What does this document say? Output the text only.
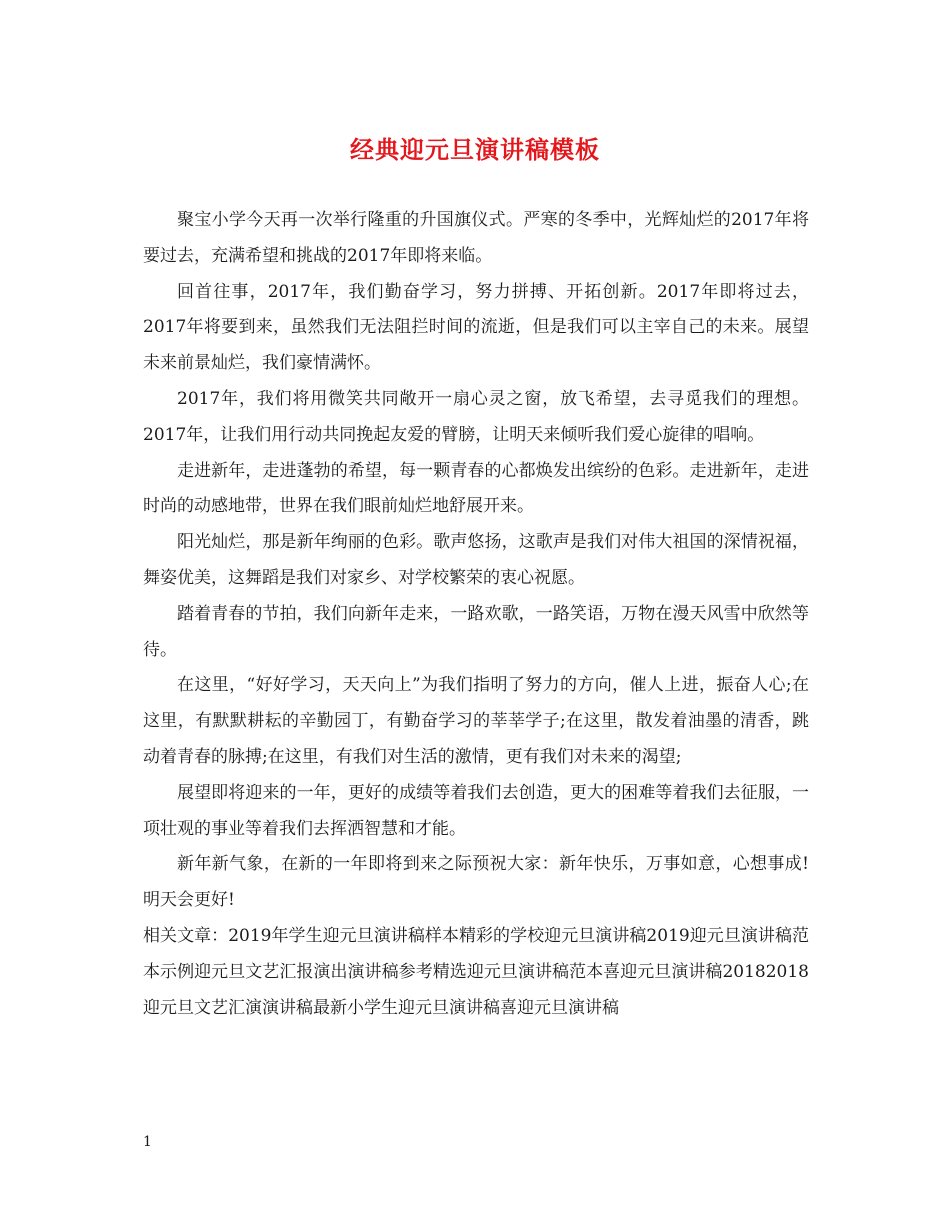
经典迎元旦演讲稿模板

聚宝小学今天再一次举行隆重的升国旗仪式。严寒的冬季中，光辉灿烂的2017年将要过去，充满希望和挑战的2017年即将来临。

回首往事，2017年，我们勤奋学习，努力拼搏、开拓创新。2017年即将过去，2017年将要到来，虽然我们无法阻拦时间的流逝，但是我们可以主宰自己的未来。展望未来前景灿烂，我们豪情满怀。

2017年，我们将用微笑共同敞开一扇心灵之窗，放飞希望，去寻觅我们的理想。2017年，让我们用行动共同挽起友爱的臂膀，让明天来倾听我们爱心旋律的唱响。

走进新年，走进蓬勃的希望，每一颗青春的心都焕发出缤纷的色彩。走进新年，走进时尚的动感地带，世界在我们眼前灿烂地舒展开来。

阳光灿烂，那是新年绚丽的色彩。歌声悠扬，这歌声是我们对伟大祖国的深情祝福，舞姿优美，这舞蹈是我们对家乡、对学校繁荣的衷心祝愿。

踏着青春的节拍，我们向新年走来，一路欢歌，一路笑语，万物在漫天风雪中欣然等待。

在这里，“好好学习，天天向上”为我们指明了努力的方向，催人上进，振奋人心;在这里，有默默耕耘的辛勤园丁，有勤奋学习的莘莘学子;在这里，散发着油墨的清香，跳动着青春的脉搏;在这里，有我们对生活的激情，更有我们对未来的渴望;

展望即将迎来的一年，更好的成绩等着我们去创造，更大的困难等着我们去征服，一项壮观的事业等着我们去挥洒智慧和才能。

新年新气象，在新的一年即将到来之际预祝大家：新年快乐，万事如意，心想事成!明天会更好!

相关文章：2019年学生迎元旦演讲稿样本精彩的学校迎元旦演讲稿2019迎元旦演讲稿范本示例迎元旦文艺汇报演出演讲稿参考精选迎元旦演讲稿范本喜迎元旦演讲稿20182018迎元旦文艺汇演演讲稿最新小学生迎元旦演讲稿喜迎元旦演讲稿

1
